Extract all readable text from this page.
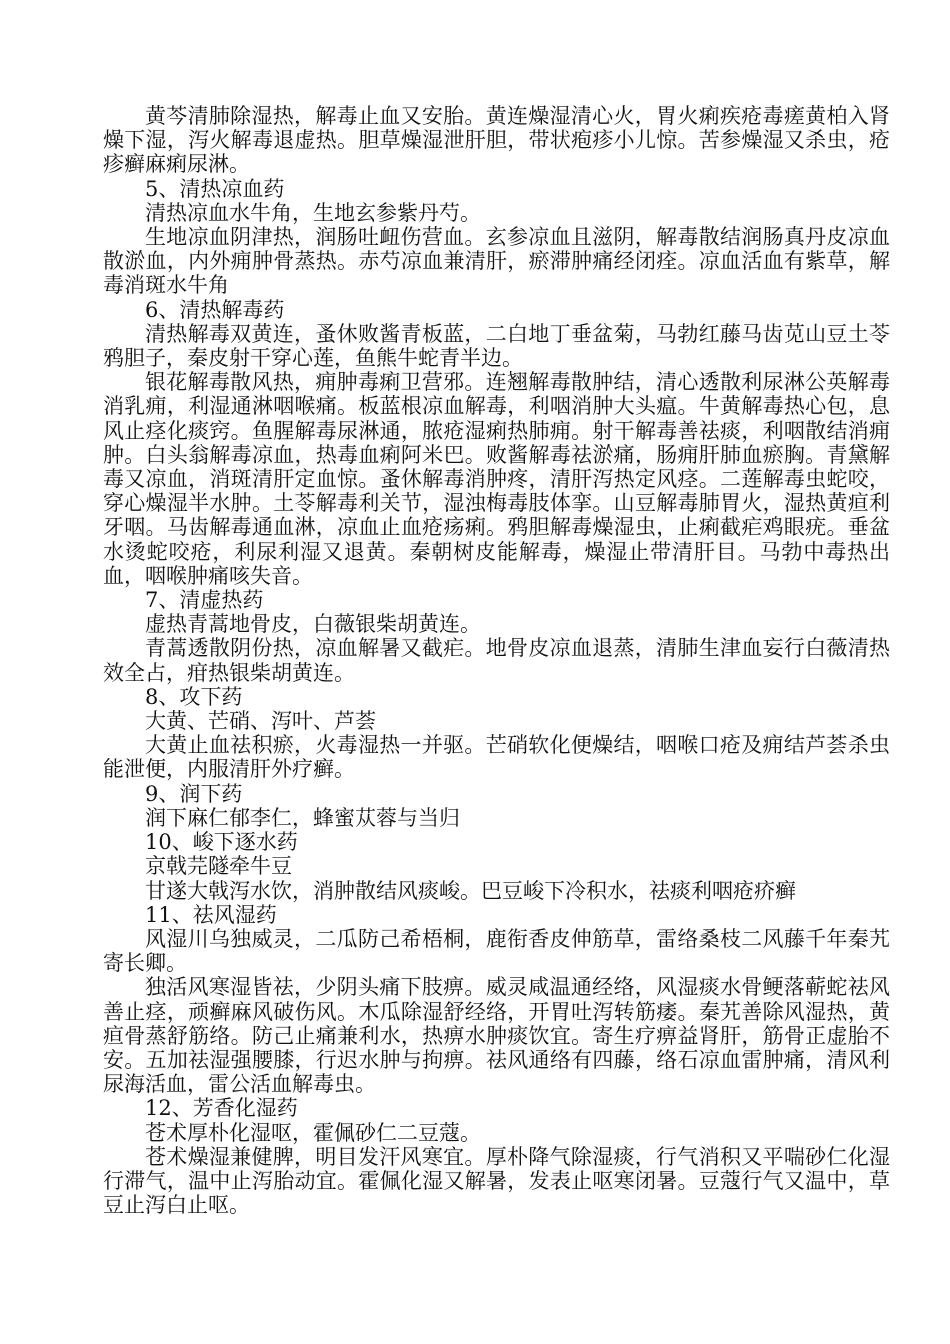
黄芩清肺除湿热，解毒止血又安胎。黄连燥湿清心火，胃火痢疾疮毒瘥黄柏入肾燥下湿，泻火解毒退虚热。胆草燥湿泄肝胆，带状疱疹小儿惊。苦参燥湿又杀虫，疮疹癣麻痢尿淋。

5、清热凉血药

清热凉血水牛角，生地玄参紫丹芍。

生地凉血阴津热，润肠吐衄伤营血。玄参凉血且滋阴，解毒散结润肠真丹皮凉血散淤血，内外痈肿骨蒸热。赤芍凉血兼清肝，瘀滞肿痛经闭痊。凉血活血有紫草，解毒消斑水牛角

6、清热解毒药

清热解毒双黄连，蚤休败酱青板蓝，二白地丁垂盆菊，马勃红藤马齿苋山豆土苓鸦胆子，秦皮射干穿心莲，鱼熊牛蛇青半边。

银花解毒散风热，痈肿毒痢卫营邪。连翘解毒散肿结，清心透散利尿淋公英解毒消乳痈，利湿通淋咽喉痛。板蓝根凉血解毒，利咽消肿大头瘟。牛黄解毒热心包，息风止痉化痰窍。鱼腥解毒尿淋通，脓疮湿痢热肺痈。射干解毒善祛痰，利咽散结消痈肿。白头翁解毒凉血，热毒血痢阿米巴。败酱解毒祛淤痛，肠痈肝肺血瘀胸。青黛解毒又凉血，消斑清肝定血惊。蚤休解毒消肿疼，清肝泻热定风痉。二莲解毒虫蛇咬，穿心燥湿半水肿。土苓解毒利关节，湿浊梅毒肢体挛。山豆解毒肺胃火，湿热黄疸利牙咽。马齿解毒通血淋，凉血止血疮疡痢。鸦胆解毒燥湿虫，止痢截疟鸡眼疣。垂盆水烫蛇咬疮，利尿利湿又退黄。秦朝树皮能解毒，燥湿止带清肝目。马勃中毒热出血，咽喉肿痛咳失音。

7、清虚热药

虚热青蒿地骨皮，白薇银柴胡黄连。

青蒿透散阴份热，凉血解暑又截疟。地骨皮凉血退蒸，清肺生津血妄行白薇清热效全占，疳热银柴胡黄连。

8、攻下药

大黄、芒硝、泻叶、芦荟

大黄止血祛积瘀，火毒湿热一并驱。芒硝软化便燥结，咽喉口疮及痈结芦荟杀虫能泄便，内服清肝外疗癣。

9、润下药

润下麻仁郁李仁，蜂蜜苁蓉与当归

10、峻下逐水药

京戟芫隧牵牛豆

甘遂大戟泻水饮，消肿散结风痰峻。巴豆峻下冷积水，祛痰利咽疮疥癣

11、祛风湿药

风湿川乌独威灵，二瓜防己希梧桐，鹿衔香皮伸筋草，雷络桑枝二风藤千年秦艽寄长卿。

独活风寒湿皆祛，少阴头痛下肢痹。威灵咸温通经络，风湿痰水骨鲠落蕲蛇祛风善止痉，顽癣麻风破伤风。木瓜除湿舒经络，开胃吐泻转筋痿。秦艽善除风湿热，黄疸骨蒸舒筋络。防己止痛兼利水，热痹水肿痰饮宜。寄生疗痹益肾肝，筋骨正虚胎不安。五加祛湿强腰膝，行迟水肿与拘痹。祛风通络有四藤，络石凉血雷肿痛，清风利尿海活血，雷公活血解毒虫。

12、芳香化湿药

苍术厚朴化湿呕，霍佩砂仁二豆蔻。

苍术燥湿兼健脾，明目发汗风寒宜。厚朴降气除湿痰，行气消积又平喘砂仁化湿行滞气，温中止泻胎动宜。霍佩化湿又解暑，发表止呕寒闭暑。豆蔻行气又温中，草豆止泻白止呕。
